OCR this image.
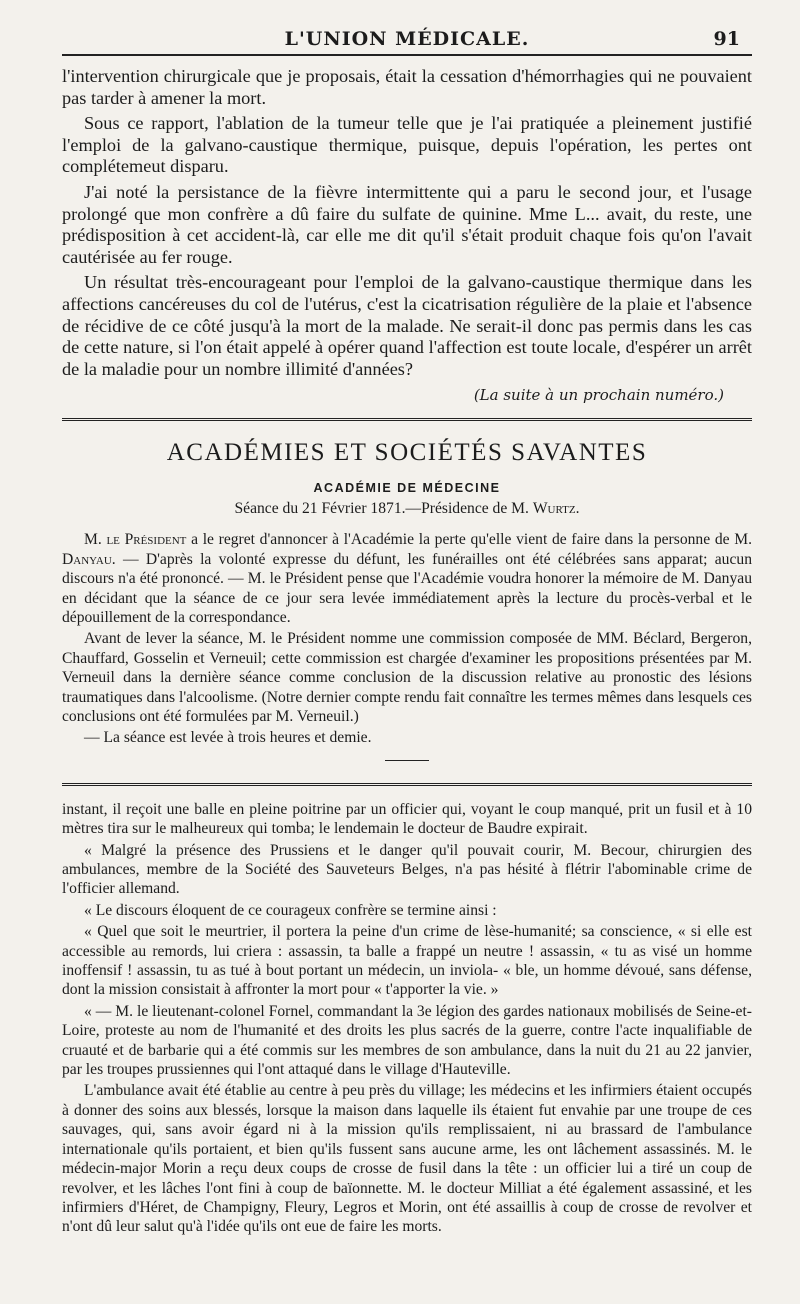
L'UNION MÉDICALE.	91

l'intervention chirurgicale que je proposais, était la cessation d'hémorrhagies qui ne pouvaient pas tarder à amener la mort.

Sous ce rapport, l'ablation de la tumeur telle que je l'ai pratiquée a pleinement justifié l'emploi de la galvano-caustique thermique, puisque, depuis l'opération, les pertes ont complétemeut disparu.

J'ai noté la persistance de la fièvre intermittente qui a paru le second jour, et l'usage prolongé que mon confrère a dû faire du sulfate de quinine. Mme L... avait, du reste, une prédisposition à cet accident-là, car elle me dit qu'il s'était produit chaque fois qu'on l'avait cautérisée au fer rouge.

Un résultat très-encourageant pour l'emploi de la galvano-caustique thermique dans les affections cancéreuses du col de l'utérus, c'est la cicatrisation régulière de la plaie et l'absence de récidive de ce côté jusqu'à la mort de la malade. Ne serait-il donc pas permis dans les cas de cette nature, si l'on était appelé à opérer quand l'affection est toute locale, d'espérer un arrêt de la maladie pour un nombre illimité d'années?

(La suite à un prochain numéro.)

ACADÉMIES ET SOCIÉTÉS SAVANTES
ACADÉMIE DE MÉDECINE
Séance du 21 Février 1871.—Présidence de M. Wurtz.

M. le Président a le regret d'annoncer à l'Académie la perte qu'elle vient de faire dans la personne de M. Danyau. — D'après la volonté expresse du défunt, les funérailles ont été célébrées sans apparat; aucun discours n'a été prononcé. — M. le Président pense que l'Académie voudra honorer la mémoire de M. Danyau en décidant que la séance de ce jour sera levée immédiatement après la lecture du procès-verbal et le dépouillement de la correspondance.

Avant de lever la séance, M. le Président nomme une commission composée de MM. Béclard, Bergeron, Chauffard, Gosselin et Verneuil; cette commission est chargée d'examiner les propositions présentées par M. Verneuil dans la dernière séance comme conclusion de la discussion relative au pronostic des lésions traumatiques dans l'alcoolisme. (Notre dernier compte rendu fait connaître les termes mêmes dans lesquels ces conclusions ont été formulées par M. Verneuil.)

— La séance est levée à trois heures et demie.

instant, il reçoit une balle en pleine poitrine par un officier qui, voyant le coup manqué, prit un fusil et à 10 mètres tira sur le malheureux qui tomba; le lendemain le docteur de Baudre expirait.

« Malgré la présence des Prussiens et le danger qu'il pouvait courir, M. Becour, chirurgien des ambulances, membre de la Société des Sauveteurs Belges, n'a pas hésité à flétrir l'abominable crime de l'officier allemand.

« Le discours éloquent de ce courageux confrère se termine ainsi :

« Quel que soit le meurtrier, il portera la peine d'un crime de lèse-humanité; sa conscience, « si elle est accessible au remords, lui criera : assassin, ta balle a frappé un neutre ! assassin, « tu as visé un homme inoffensif ! assassin, tu as tué à bout portant un médecin, un inviola- « ble, un homme dévoué, sans défense, dont la mission consistait à affronter la mort pour « t'apporter la vie. »

« — M. le lieutenant-colonel Fornel, commandant la 3e légion des gardes nationaux mobilisés de Seine-et-Loire, proteste au nom de l'humanité et des droits les plus sacrés de la guerre, contre l'acte inqualifiable de cruauté et de barbarie qui a été commis sur les membres de son ambulance, dans la nuit du 21 au 22 janvier, par les troupes prussiennes qui l'ont attaqué dans le village d'Hauteville.

L'ambulance avait été établie au centre à peu près du village; les médecins et les infirmiers étaient occupés à donner des soins aux blessés, lorsque la maison dans laquelle ils étaient fut envahie par une troupe de ces sauvages, qui, sans avoir égard ni à la mission qu'ils remplissaient, ni au brassard de l'ambulance internationale qu'ils portaient, et bien qu'ils fussent sans aucune arme, les ont lâchement assassinés. M. le médecin-major Morin a reçu deux coups de crosse de fusil dans la tête : un officier lui a tiré un coup de revolver, et les lâches l'ont fini à coup de baïonnette. M. le docteur Milliat a été également assassiné, et les infirmiers d'Héret, de Champigny, Fleury, Legros et Morin, ont été assaillis à coup de crosse de revolver et n'ont dû leur salut qu'à l'idée qu'ils ont eue de faire les morts.
